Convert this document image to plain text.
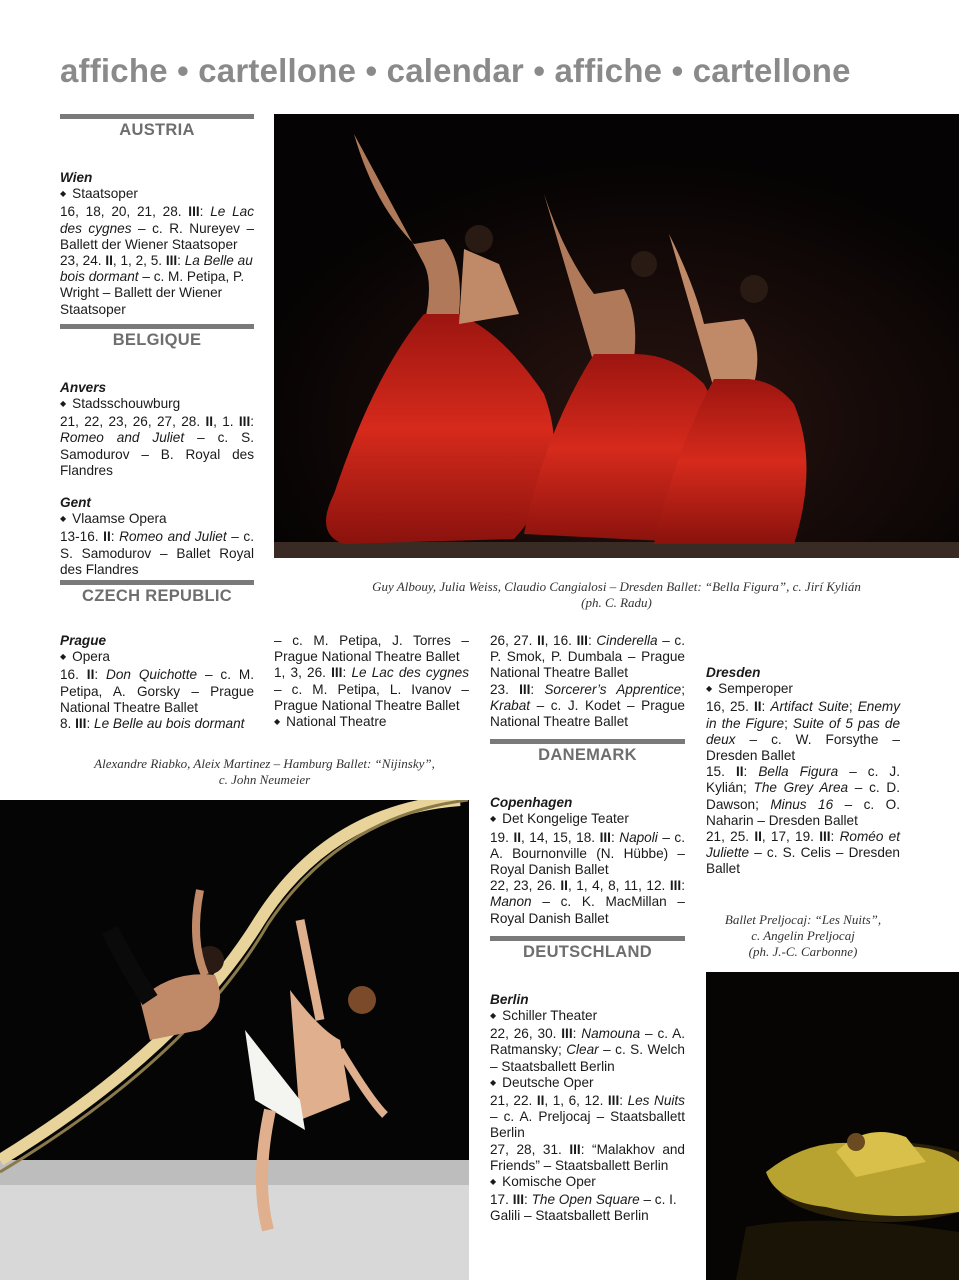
affiche • cartellone • calendar • affiche • cartellone
AUSTRIA

Wien

◆ Staatsoper

16, 18, 20, 21, 28. III: Le Lac des cygnes – c. R. Nureyev – Ballett der Wiener Staatsoper

23, 24. II, 1, 2, 5. III: La Belle au bois dormant – c. M. Petipa, P. Wright – Ballett der Wiener Staatsoper

BELGIQUE

Anvers

◆ Stadsschouwburg

21, 22, 23, 26, 27, 28. II, 1. III: Romeo and Juliet – c. S. Samodurov – B. Royal des Flandres

Gent

◆ Vlaamse Opera

13-16. II: Romeo and Juliet – c. S. Samodurov – Ballet Royal des Flandres

CZECH REPUBLIC
Guy Albouy, Julia Weiss, Claudio Cangialosi – Dresden Ballet: “Bella Figura”, c. Jirí Kylián
(ph. C. Radu)

Prague

◆ Opera

16. II: Don Quichotte – c. M. Petipa, A. Gorsky – Prague National Theatre Ballet

8. III: Le Belle au bois dormant

– c. M. Petipa, J. Torres – Prague National Theatre Ballet

1, 3, 26. III: Le Lac des cygnes – c. M. Petipa, L. Ivanov – Prague National Theatre Ballet

◆ National Theatre

Alexandre Riabko, Aleix Martinez – Hamburg Ballet: “Nijinsky”,
c. John Neumeier

26, 27. II, 16. III: Cinderella – c. P. Smok, P. Dumbala – Prague National Theatre Ballet

23. III: Sorcerer’s Apprentice; Krabat – c. J. Kodet – Prague National Theatre Ballet

DANEMARK

Copenhagen

◆ Det Kongelige Teater

19. II, 14, 15, 18. III: Napoli – c. A. Bournonville (N. Hübbe) – Royal Danish Ballet

22, 23, 26. II, 1, 4, 8, 11, 12. III: Manon – c. K. MacMillan – Royal Danish Ballet

DEUTSCHLAND

Berlin

◆ Schiller Theater

22, 26, 30. III: Namouna – c. A. Ratmansky; Clear – c. S. Welch – Staatsballett Berlin

◆ Deutsche Oper

21, 22. II, 1, 6, 12. III: Les Nuits – c. A. Preljocaj – Staatsballett Berlin

27, 28, 31. III: “Malakhov and Friends” – Staatsballett Berlin

◆ Komische Oper

17. III: The Open Square – c. I. Galili – Staatsballett Berlin

Dresden

◆ Semperoper

16, 25. II: Artifact Suite; Enemy in the Figure; Suite of 5 pas de deux – c. W. Forsythe – Dresden Ballet

15. II: Bella Figura – c. J. Kylián; The Grey Area – c. D. Dawson; Minus 16 – c. O. Naharin – Dresden Ballet

21, 25. II, 17, 19. III: Roméo et Juliette – c. S. Celis – Dresden Ballet

Ballet Preljocaj: “Les Nuits”,
c. Angelin Preljocaj
(ph. J.-C. Carbonne)
